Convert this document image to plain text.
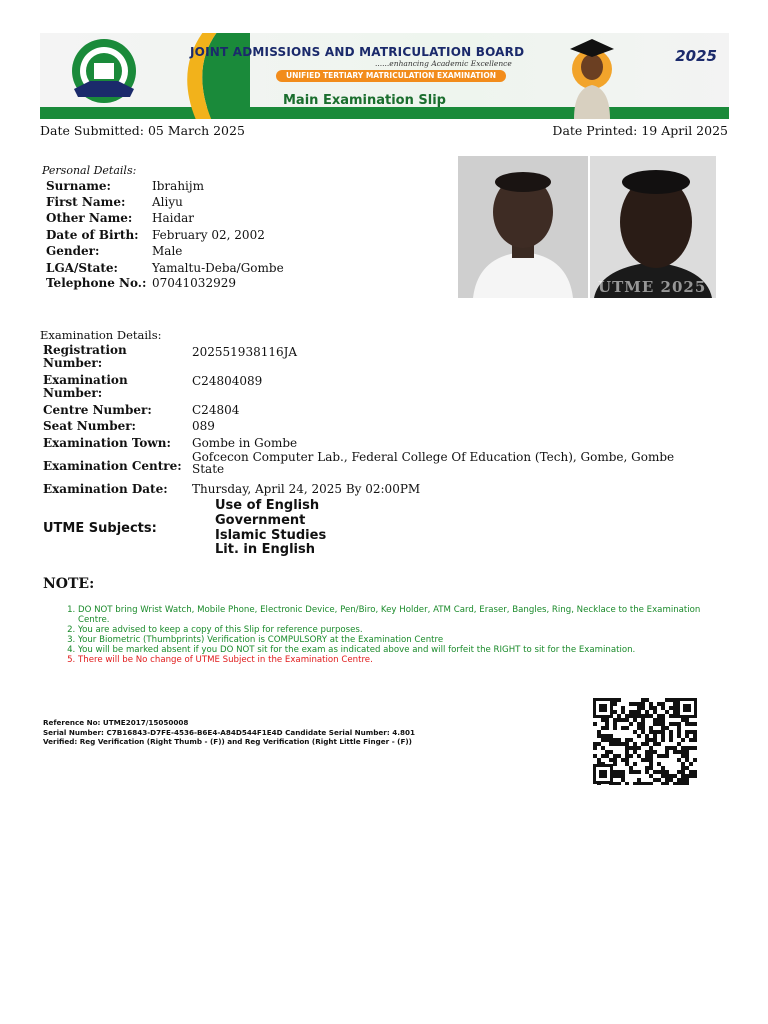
JOINT ADMISSIONS AND MATRICULATION BOARD
......enhancing Academic Excellence
UNIFIED TERTIARY MATRICULATION EXAMINATION
Main Examination Slip
2025
Date Submitted: 05 March 2025	Date Printed: 19 April 2025
Personal Details:
Surname:	Ibrahijm
First Name: Aliyu
Other Name: Haidar
Date of Birth: February 02, 2002
Gender:	Male
LGA/State:	Yamaltu-Deba/Gombe
Telephone No.: 07041032929	UTME 2025
Examination Details:
Registration
Number:
202551938116JA
Examination
Number:
C24804089
Centre Number:	C24804
Seat Number:	089
Examination Town: Gombe in Gombe
Examination Centre:
Gofcecon Computer Lab., Federal College Of Education (Tech), Gombe, Gombe
State
Examination Date: Thursday, April 24, 2025 By 02:00PM
UTME Subjects:
Use of English
Government
Islamic Studies
Lit. in English
NOTE:
1. DO NOT bring Wrist Watch, Mobile Phone, Electronic Device, Pen/Biro, Key Holder, ATM Card, Eraser, Bangles, Ring, Necklace to the Examination Centre.
2. You are advised to keep a copy of this Slip for reference purposes.
3. Your Biometric (Thumbprints) Verification is COMPULSORY at the Examination Centre
4. You will be marked absent if you DO NOT sit for the exam as indicated above and will forfeit the RIGHT to sit for the Examination.
5. There will be No change of UTME Subject in the Examination Centre.
Reference No: UTME2017/15050008
Serial Number: C7B16843-D7FE-4536-B6E4-A84D544F1E4D Candidate Serial Number: 4.801
Verified: Reg Verification (Right Thumb - (F)) and Reg Verification (Right Little Finger - (F))
